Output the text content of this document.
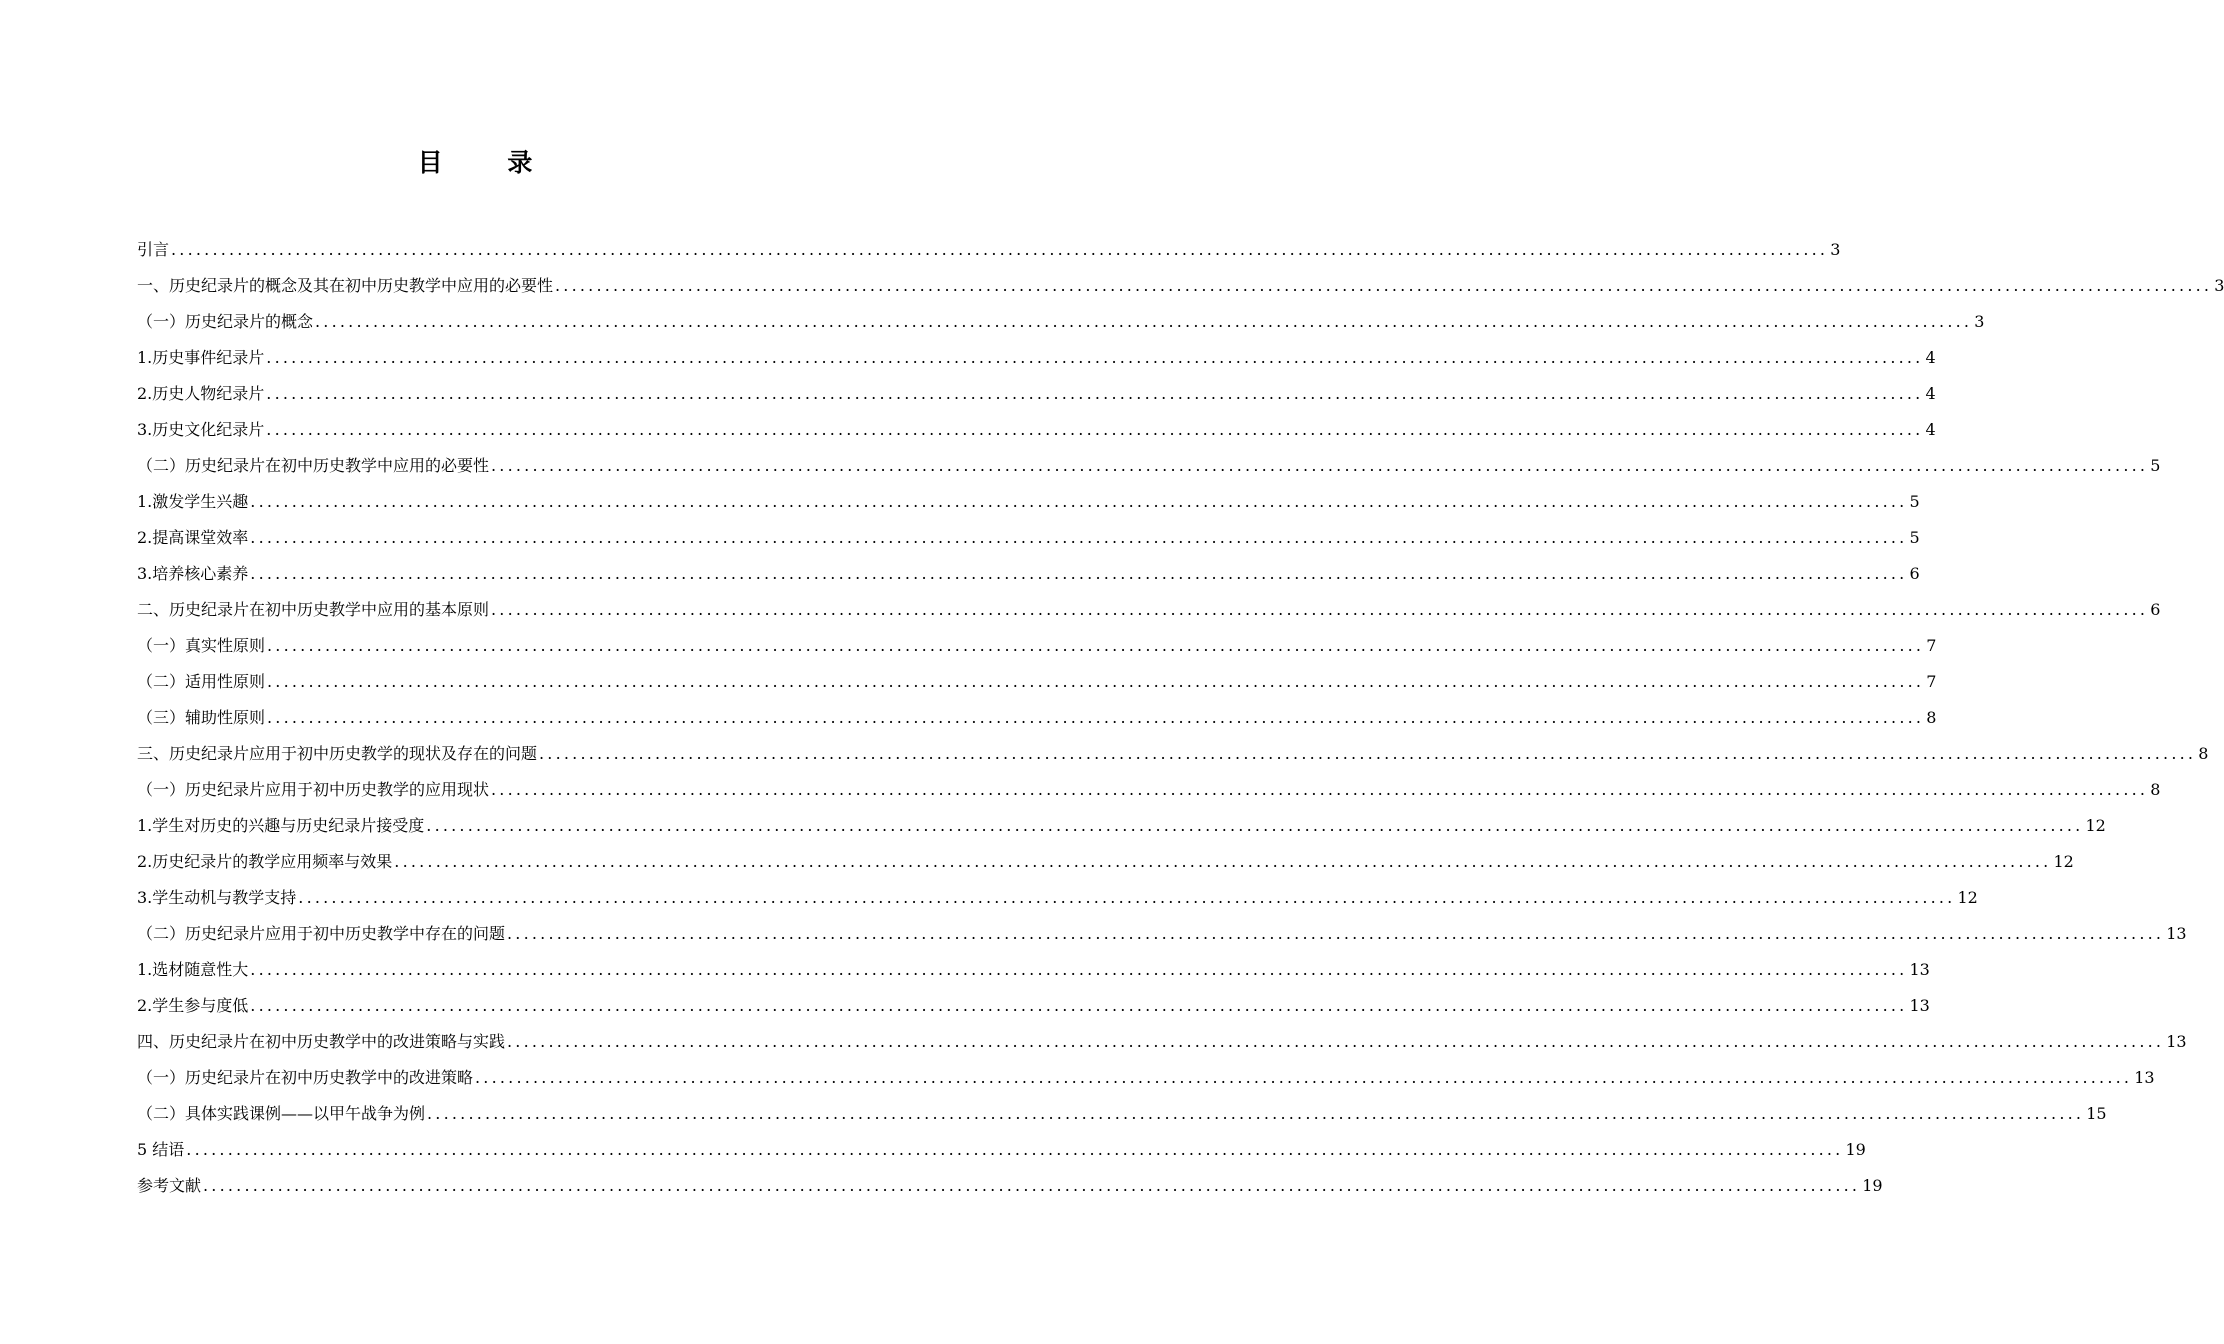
目 录
引言 ........................................................................................................................................................................................................ 3
一、历史纪录片的概念及其在初中历史教学中应用的必要性 ........................................................................................................................................................................................................ 3
（一）历史纪录片的概念 ........................................................................................................................................................................................................ 3
1.历史事件纪录片 ........................................................................................................................................................................................................ 4
2.历史人物纪录片 ........................................................................................................................................................................................................ 4
3.历史文化纪录片 ........................................................................................................................................................................................................ 4
（二）历史纪录片在初中历史教学中应用的必要性 ........................................................................................................................................................................................................ 5
1.激发学生兴趣 ........................................................................................................................................................................................................ 5
2.提高课堂效率 ........................................................................................................................................................................................................ 5
3.培养核心素养 ........................................................................................................................................................................................................ 6
二、历史纪录片在初中历史教学中应用的基本原则 ........................................................................................................................................................................................................ 6
（一）真实性原则 ........................................................................................................................................................................................................ 7
（二）适用性原则 ........................................................................................................................................................................................................ 7
（三）辅助性原则 ........................................................................................................................................................................................................ 8
三、历史纪录片应用于初中历史教学的现状及存在的问题 ........................................................................................................................................................................................................ 8
（一）历史纪录片应用于初中历史教学的应用现状 ........................................................................................................................................................................................................ 8
1.学生对历史的兴趣与历史纪录片接受度 ........................................................................................................................................................................................................ 12
2.历史纪录片的教学应用频率与效果 ........................................................................................................................................................................................................ 12
3.学生动机与教学支持 ........................................................................................................................................................................................................ 12
（二）历史纪录片应用于初中历史教学中存在的问题 ........................................................................................................................................................................................................ 13
1.选材随意性大 ........................................................................................................................................................................................................ 13
2.学生参与度低 ........................................................................................................................................................................................................ 13
四、历史纪录片在初中历史教学中的改进策略与实践 ........................................................................................................................................................................................................ 13
（一）历史纪录片在初中历史教学中的改进策略 ........................................................................................................................................................................................................ 13
（二）具体实践课例——以甲午战争为例 ........................................................................................................................................................................................................ 15
5 结语 ........................................................................................................................................................................................................ 19
参考文献 ........................................................................................................................................................................................................ 19
